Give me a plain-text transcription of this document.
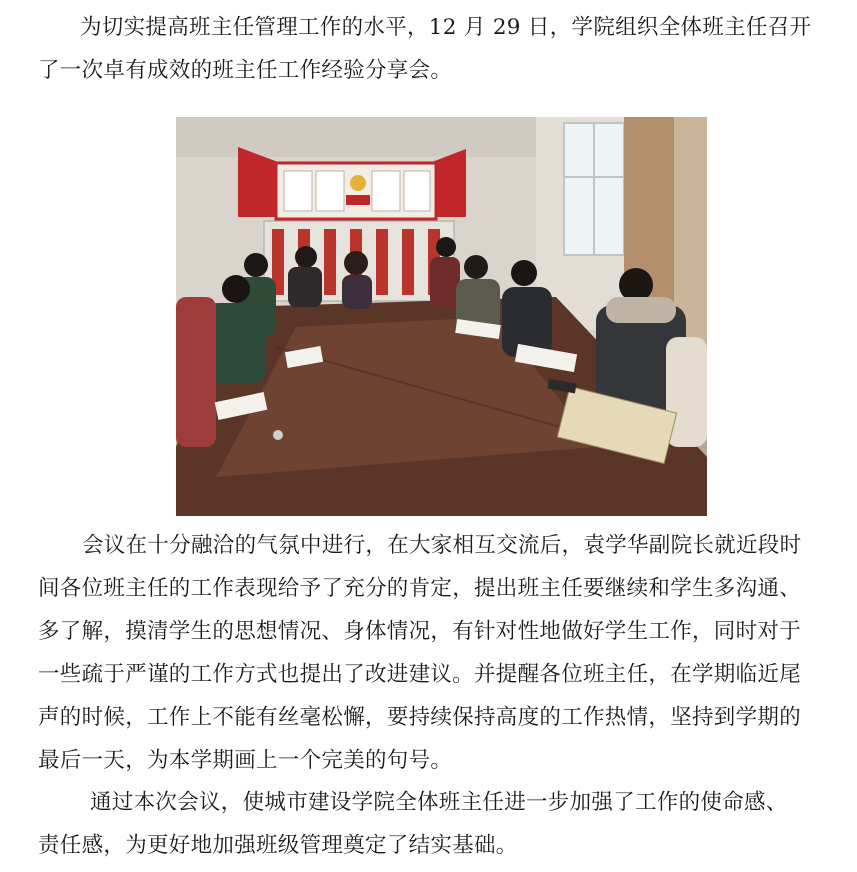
为切实提高班主任管理工作的水平，12 月 29 日，学院组织全体班主任召开
了一次卓有成效的班主任工作经验分享会。
会议在十分融洽的气氛中进行，在大家相互交流后，袁学华副院长就近段时
间各位班主任的工作表现给予了充分的肯定，提出班主任要继续和学生多沟通、
多了解，摸清学生的思想情况、身体情况，有针对性地做好学生工作，同时对于
一些疏于严谨的工作方式也提出了改进建议。并提醒各位班主任，在学期临近尾
声的时候，工作上不能有丝毫松懈，要持续保持高度的工作热情，坚持到学期的
最后一天，为本学期画上一个完美的句号。
通过本次会议，使城市建设学院全体班主任进一步加强了工作的使命感、
责任感，为更好地加强班级管理奠定了结实基础。
